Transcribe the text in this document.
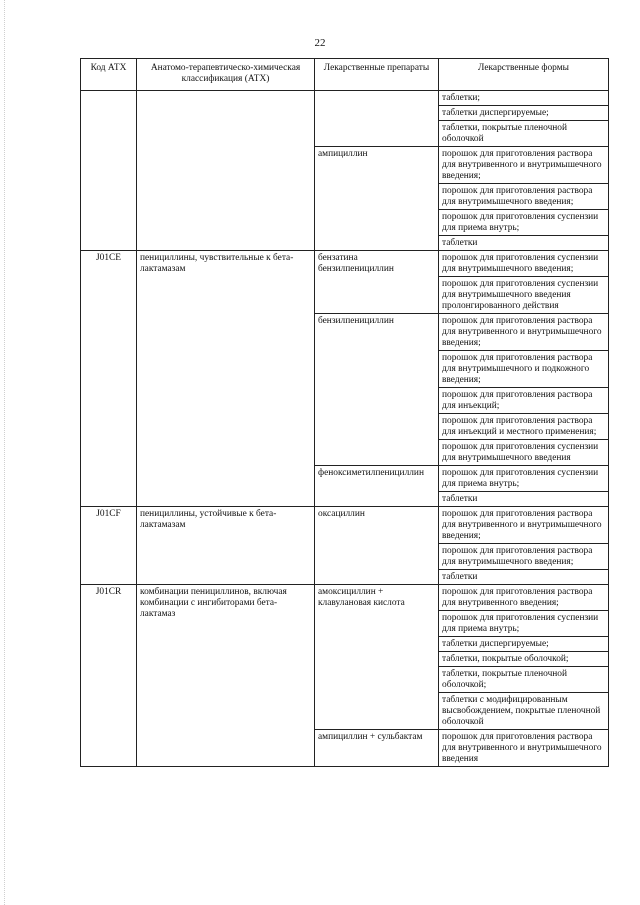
22
Код АТХ	Анатомо-терапевтическо-химическая классификация (АТХ)	Лекарственные препараты	Лекарственные формы
			таблетки;
			таблетки диспергируемые;
			таблетки, покрытые пленочной оболочкой
		ампициллин	порошок для приготовления раствора для внутривенного и внутримышечного введения;
			порошок для приготовления раствора для внутримышечного введения;
			порошок для приготовления суспензии для приема внутрь;
			таблетки
J01CE	пенициллины, чувствительные к бета-лактамазам	бензатина бензилпенициллин	порошок для приготовления суспензии для внутримышечного введения;
			порошок для приготовления суспензии для внутримышечного введения пролонгированного действия
		бензилпенициллин	порошок для приготовления раствора для внутривенного и внутримышечного введения;
			порошок для приготовления раствора для внутримышечного и подкожного введения;
			порошок для приготовления раствора для инъекций;
			порошок для приготовления раствора для инъекций и местного применения;
			порошок для приготовления суспензии для внутримышечного введения
		феноксиметилпенициллин	порошок для приготовления суспензии для приема внутрь;
			таблетки
J01CF	пенициллины, устойчивые к бета-лактамазам	оксациллин	порошок для приготовления раствора для внутривенного и внутримышечного введения;
			порошок для приготовления раствора для внутримышечного введения;
			таблетки
J01CR	комбинации пенициллинов, включая комбинации с ингибиторами бета-лактамаз	амоксициллин + клавулановая кислота	порошок для приготовления раствора для внутривенного введения;
			порошок для приготовления суспензии для приема внутрь;
			таблетки диспергируемые;
			таблетки, покрытые оболочкой;
			таблетки, покрытые пленочной оболочкой;
			таблетки с модифицированным высвобождением, покрытые пленочной оболочкой
		ампициллин + сульбактам	порошок для приготовления раствора для внутривенного и внутримышечного введения
